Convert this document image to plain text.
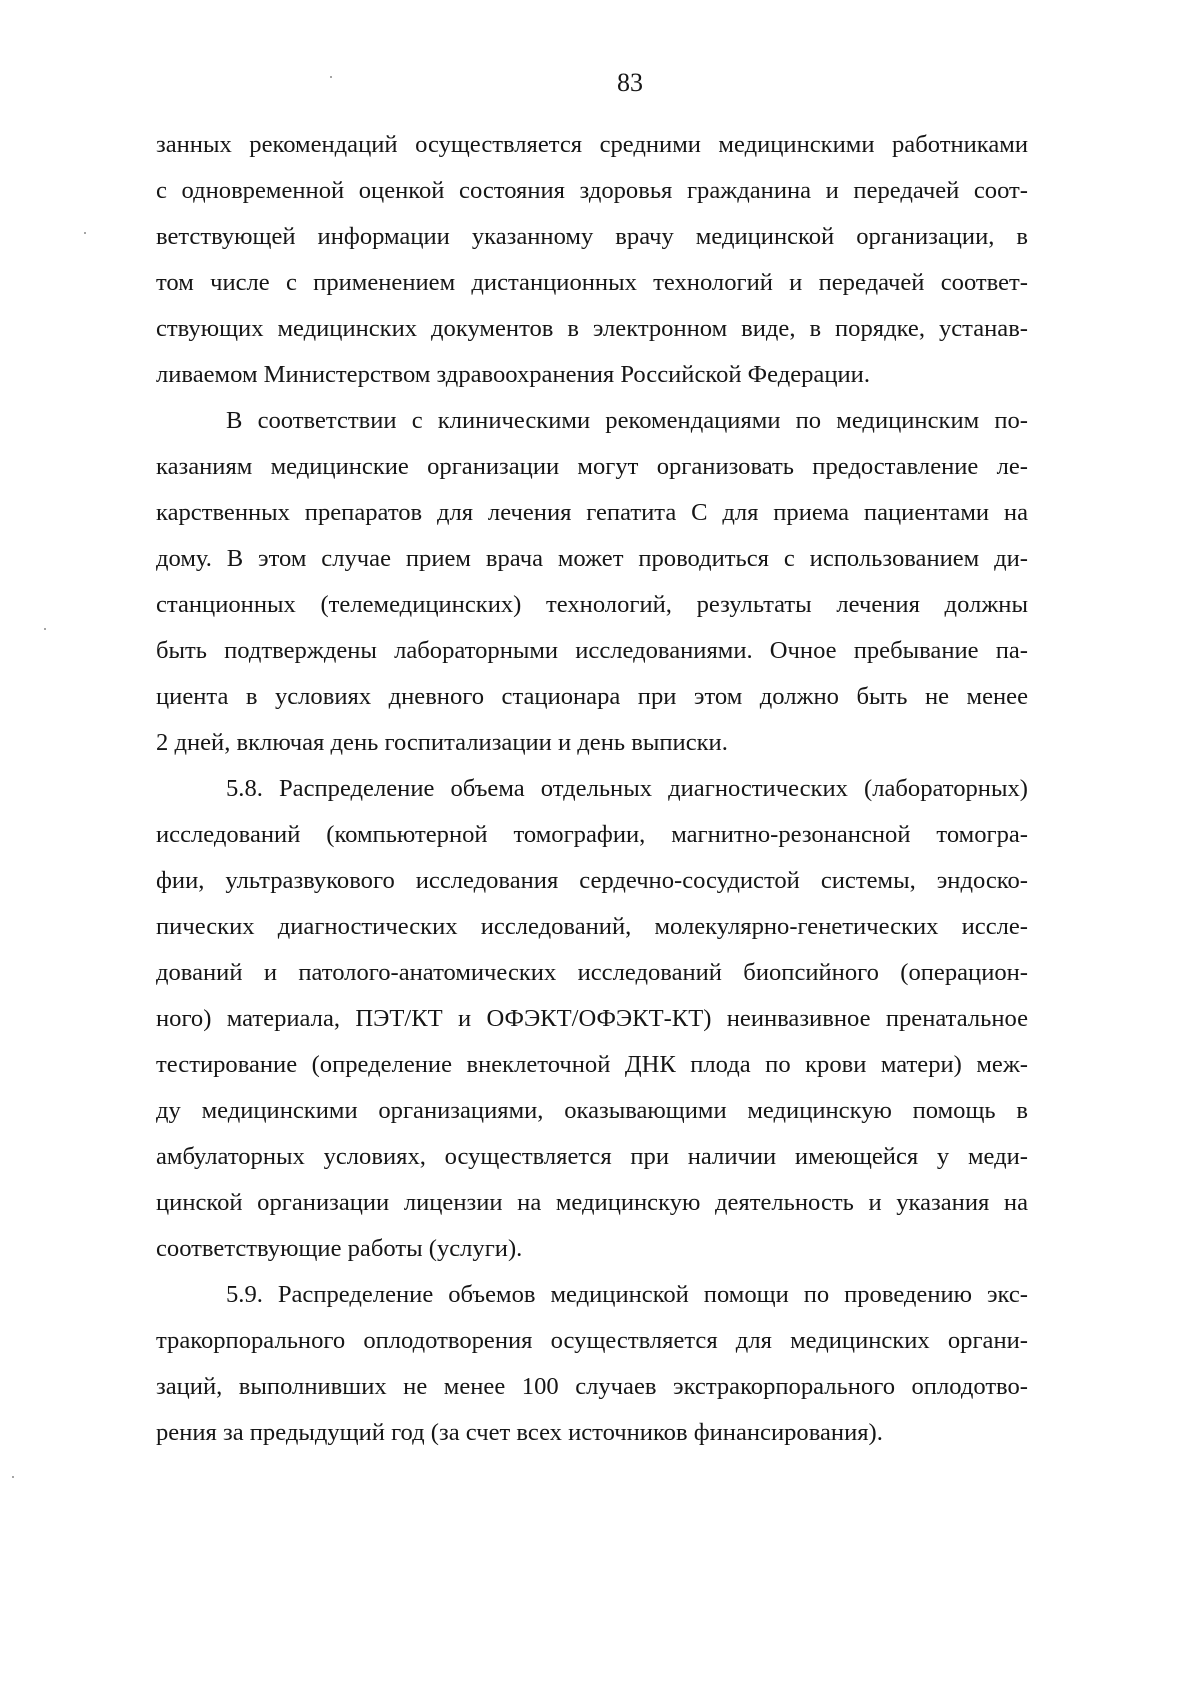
83
занных рекомендаций осуществляется средними медицинскими работниками
с одновременной оценкой состояния здоровья гражданина и передачей соот-
ветствующей информации указанному врачу медицинской организации, в
том числе с применением дистанционных технологий и передачей соответ-
ствующих медицинских документов в электронном виде, в порядке, устанав-
ливаемом Министерством здравоохранения Российской Федерации.
В соответствии с клиническими рекомендациями по медицинским по-
казаниям медицинские организации могут организовать предоставление ле-
карственных препаратов для лечения гепатита С для приема пациентами на
дому. В этом случае прием врача может проводиться с использованием ди-
станционных (телемедицинских) технологий, результаты лечения должны
быть подтверждены лабораторными исследованиями. Очное пребывание па-
циента в условиях дневного стационара при этом должно быть не менее
2 дней, включая день госпитализации и день выписки.
5.8. Распределение объема отдельных диагностических (лабораторных)
исследований (компьютерной томографии, магнитно-резонансной томогра-
фии, ультразвукового исследования сердечно-сосудистой системы, эндоско-
пических диагностических исследований, молекулярно-генетических иссле-
дований и патолого-анатомических исследований биопсийного (операцион-
ного) материала, ПЭТ/КТ и ОФЭКТ/ОФЭКТ-КТ) неинвазивное пренатальное
тестирование (определение внеклеточной ДНК плода по крови матери) меж-
ду медицинскими организациями, оказывающими медицинскую помощь в
амбулаторных условиях, осуществляется при наличии имеющейся у меди-
цинской организации лицензии на медицинскую деятельность и указания на
соответствующие работы (услуги).
5.9. Распределение объемов медицинской помощи по проведению экс-
тракорпорального оплодотворения осуществляется для медицинских органи-
заций, выполнивших не менее 100 случаев экстракорпорального оплодотво-
рения за предыдущий год (за счет всех источников финансирования).
